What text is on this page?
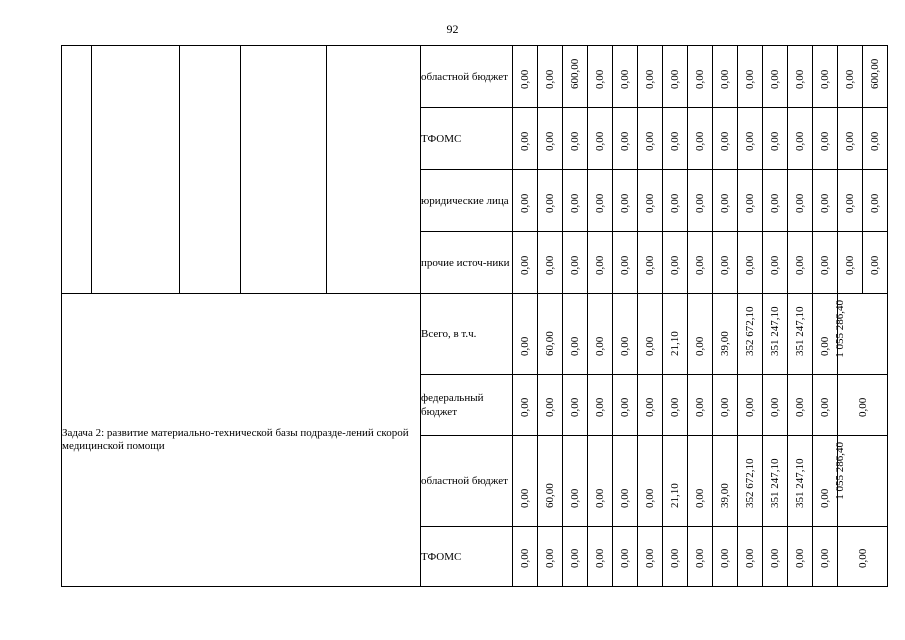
92
					областной бюджет	0,00	0,00	600,00	0,00	0,00	0,00	0,00	0,00	0,00	0,00	0,00	0,00	0,00	0,00	600,00

					ТФОМС	0,00	0,00	0,00	0,00	0,00	0,00	0,00	0,00	0,00	0,00	0,00	0,00	0,00	0,00	0,00

					юридические лица	0,00	0,00	0,00	0,00	0,00	0,00	0,00	0,00	0,00	0,00	0,00	0,00	0,00	0,00	0,00

					прочие источ-ники	0,00	0,00	0,00	0,00	0,00	0,00	0,00	0,00	0,00	0,00	0,00	0,00	0,00	0,00	0,00

Задача 2: развитие материально-технической базы подразде-лений скорой медицинской помощи					Всего, в т.ч.	0,00	60,00	0,00	0,00	0,00	0,00	21,10	0,00	39,00	352 672,10	351 247,10	351 247,10	0,00	1 055 286,40	

					федеральный бюджет	0,00	0,00	0,00	0,00	0,00	0,00	0,00	0,00	0,00	0,00	0,00	0,00	0,00	0,00	

					областной бюджет	0,00	60,00	0,00	0,00	0,00	0,00	21,10	0,00	39,00	352 672,10	351 247,10	351 247,10	0,00	1 055 286,40	

					ТФОМС	0,00	0,00	0,00	0,00	0,00	0,00	0,00	0,00	0,00	0,00	0,00	0,00	0,00	0,00	
